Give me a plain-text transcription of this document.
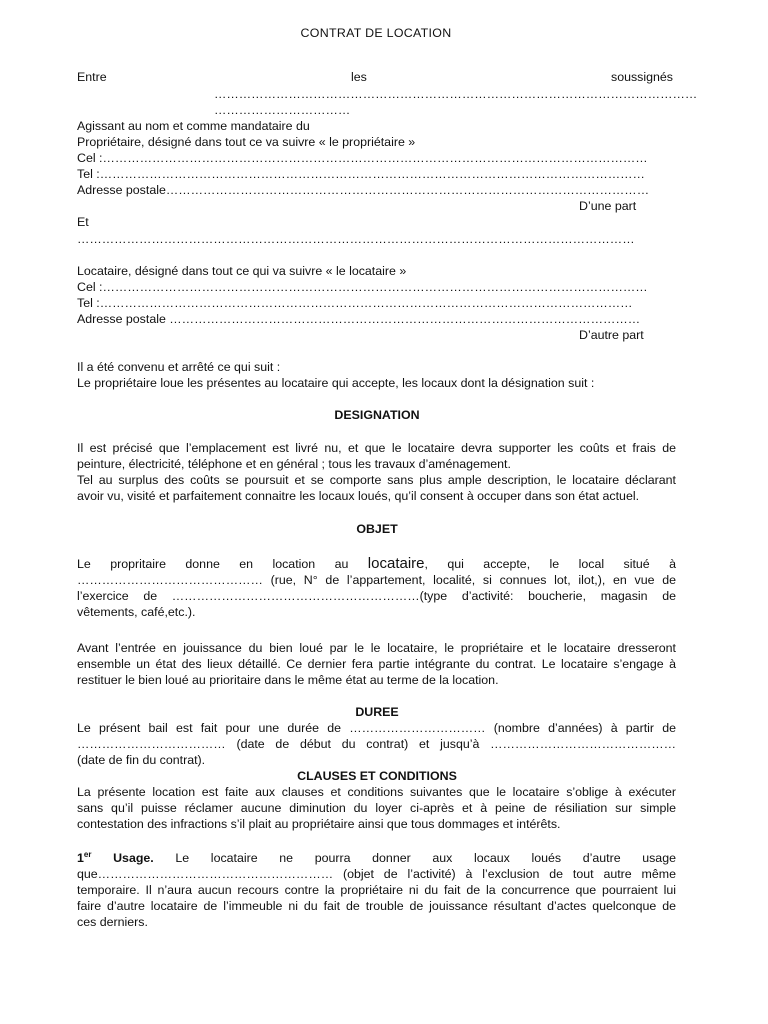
CONTRAT DE LOCATION
Entre	les	soussignés
………………………………………………………………………………………………………
……………………………
Agissant au nom et comme mandataire du
Propriétaire, désigné dans tout ce va suivre « le propriétaire »
Cel :……………………………………………………………………………………………………………………
Tel :……………………………………………………………………………………………………………………
Adresse postale………………………………………………………………………………………………………
D’une part
Et
………………………………………………………………………………………………………………………
Locataire, désigné dans tout ce qui va suivre « le locataire »
Cel :……………………………………………………………………………………………………………………
Tel :…………………………………………………………………………………………………………………
Adresse postale ……………………………………………………………………………………………………
D’autre part
Il a été convenu et arrêté ce qui suit :
Le propriétaire loue les présentes au locataire qui accepte, les locaux dont la désignation suit :
DESIGNATION

Il est précisé que l’emplacement est livré nu, et que le locataire devra supporter les coûts et frais de

peinture, électricité, téléphone et en général ; tous les travaux d’aménagement.

Tel au surplus des coûts se poursuit et se comporte sans plus ample description, le locataire déclarant

avoir vu, visité et parfaitement connaitre les locaux loués, qu’il consent à occuper dans son état actuel.

OBJET

Le propritaire donne en location au locataire, qui accepte, le local situé à

……………………………………… (rue, N° de l’appartement, localité, si connues lot, ilot,), en vue de

l’exercice de ……………………………………………………(type d’activité: boucherie, magasin de

vêtements, café,etc.).

Avant l’entrée en jouissance du bien loué par le le locataire, le propriétaire et le locataire dresseront

ensemble un état des lieux détaillé. Ce dernier fera partie intégrante du contrat. Le locataire s’engage à

restituer le bien loué au prioritaire dans le même état au terme de la location.

DUREE

Le présent bail est fait pour une durée de …………………………… (nombre d’années) à partir de

……………………………… (date de début du contrat) et jusqu’à ………………………………………

(date de fin du contrat).

CLAUSES ET CONDITIONS

La présente location est faite aux clauses et conditions suivantes que le locataire s’oblige à exécuter

sans qu’il puisse réclamer aucune diminution du loyer ci-après et à peine de résiliation sur simple

contestation des infractions s’il plait au propriétaire ainsi que tous dommages et intérêts.

1er Usage. Le locataire ne pourra donner aux locaux loués d’autre usage

que………………………………………………… (objet de l’activité) à l’exclusion de tout autre même

temporaire. Il n’aura aucun recours contre la propriétaire ni du fait de la concurrence que pourraient lui

faire d’autre locataire de l’immeuble ni du fait de trouble de jouissance résultant d’actes quelconque de

ces derniers.
